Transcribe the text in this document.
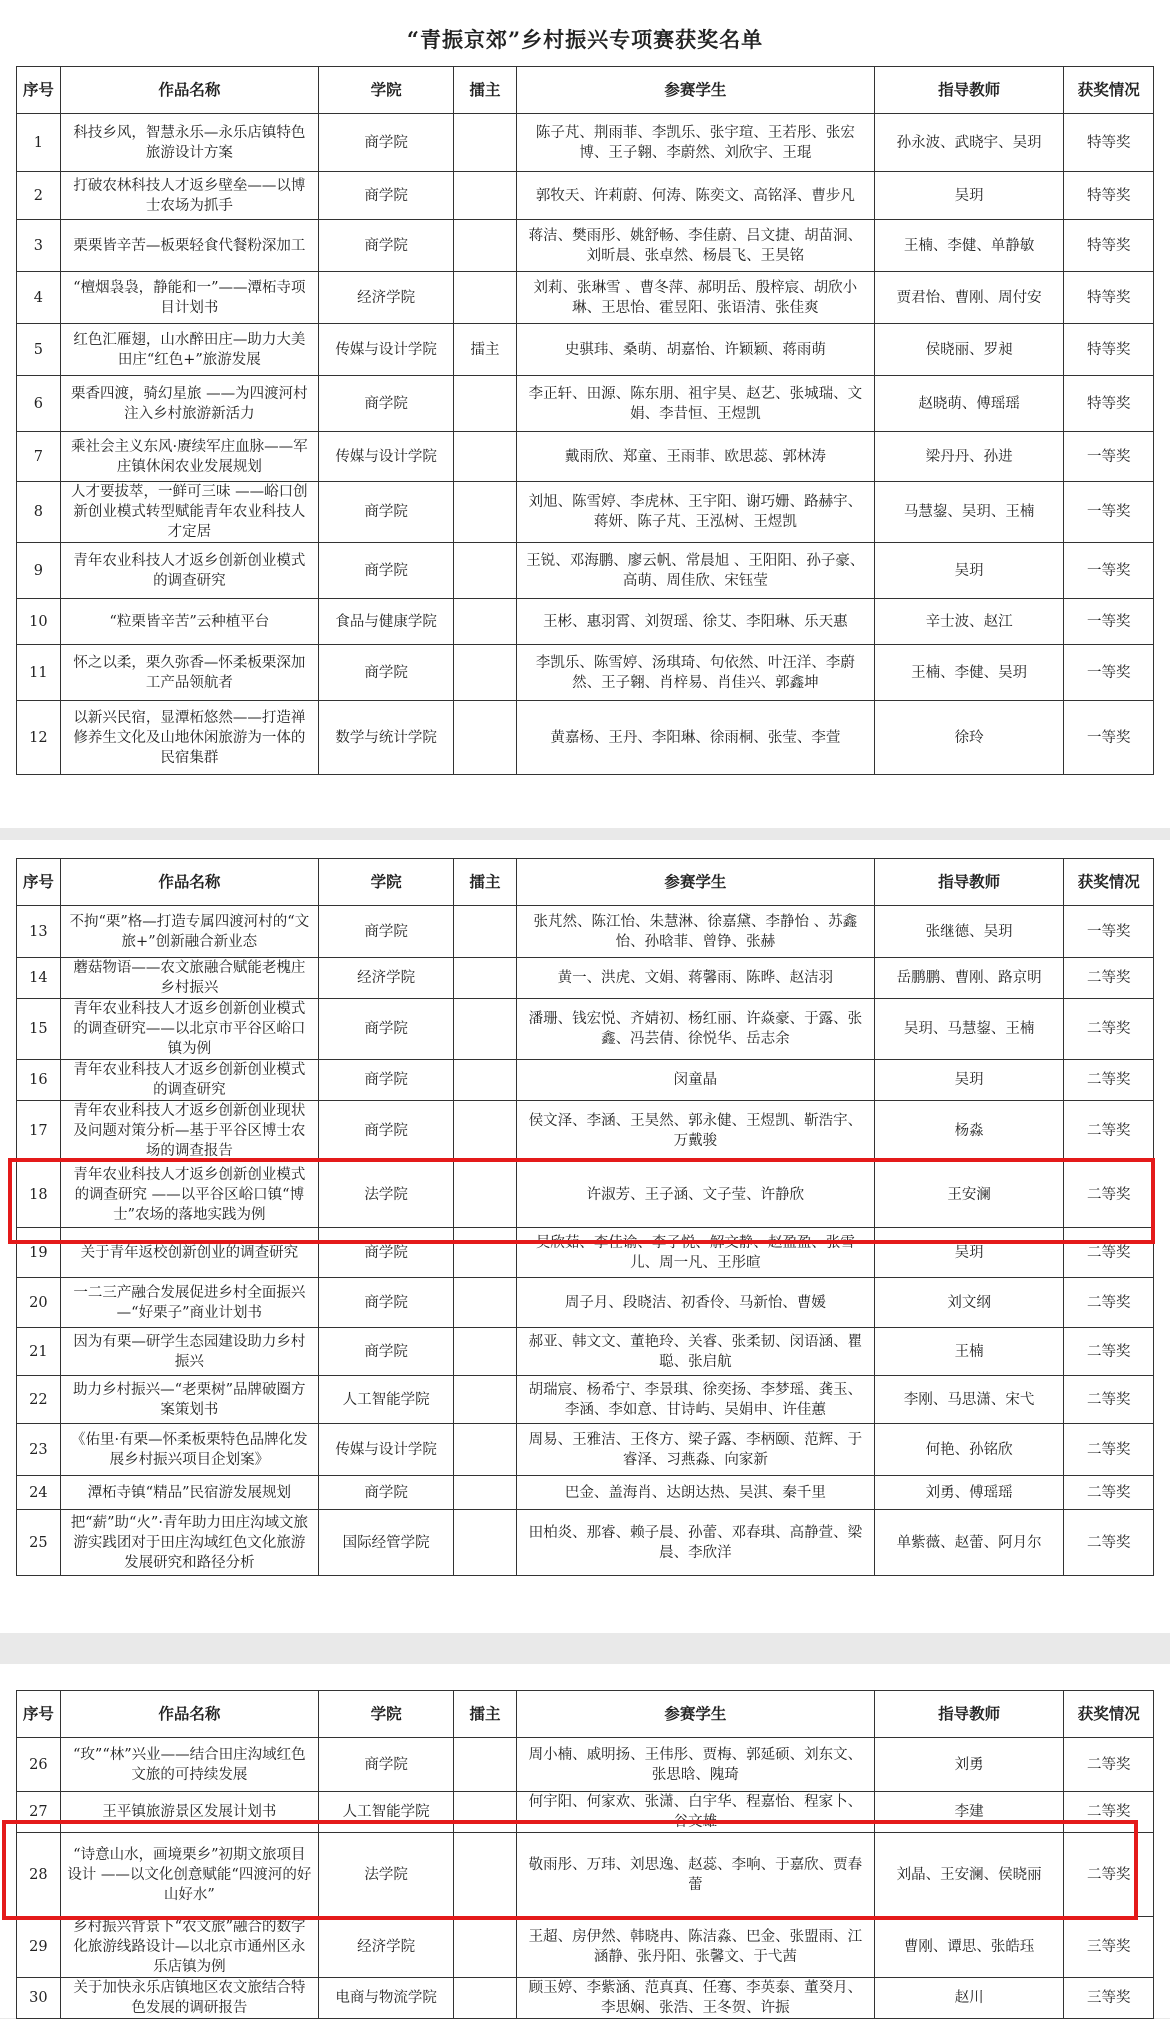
“青振京郊”乡村振兴专项赛获奖名单
序号	作品名称	学院	擂主	参赛学生	指导教师	获奖情况
1	科技乡风，智慧永乐—永乐店镇特色旅游设计方案	商学院		陈子芃、荆雨菲、李凯乐、张宇瑄、王若彤、张宏博、王子翱、李蔚然、刘欣宇、王琨	孙永波、武晓宇、吴玥	特等奖
2	打破农林科技人才返乡壁垒——以博士农场为抓手	商学院		郭牧天、许莉蔚、何涛、陈奕文、高铭泽、曹步凡	吴玥	特等奖
3	栗栗皆辛苦—板栗轻食代餐粉深加工	商学院		蒋洁、樊雨彤、姚舒畅、李佳蔚、吕文捷、胡苗洞、刘昕晨、张卓然、杨晨飞、王昊铭	王楠、李健、单静敏	特等奖
4	“檀烟袅袅，静能和一”——潭柘寺项目计划书	经济学院		刘莉、张琳雪 、曹冬萍、郝明岳、殷梓宸、胡欣小琳、王思怡、霍昱阳、张语清、张佳爽	贾君怡、曹刚、周付安	特等奖
5	红色汇雁翅，山水醉田庄—助力大美田庄“红色+”旅游发展	传媒与设计学院	擂主	史骐玮、桑萌、胡嘉怡、许颖颖、蒋雨萌	侯晓丽、罗昶	特等奖
6	栗香四渡，骑幻星旅 ——为四渡河村注入乡村旅游新活力	商学院		李正轩、田源、陈东朋、祖宇昊、赵艺、张城瑞、文娟、李昔恒、王煜凯	赵晓萌、傅瑶瑶	特等奖
7	乘社会主义东风·赓续军庄血脉——军庄镇休闲农业发展规划	传媒与设计学院		戴雨欣、郑童、王雨菲、欧思蕊、郭林涛	梁丹丹、孙进	一等奖
8	人才要拔萃，一鲜可三味 ——峪口创新创业模式转型赋能青年农业科技人才定居	商学院		刘旭、陈雪婷、李虎林、王宇阳、谢巧姗、路赫宇、蒋妍、陈子芃、王泓树、王煜凯	马慧鋆、吴玥、王楠	一等奖
9	青年农业科技人才返乡创新创业模式的调查研究	商学院		王锐、邓海鹏、廖云帆、常晨旭 、王阳阳、孙子豪、高萌、周佳欣、宋钰莹	吴玥	一等奖
10	“粒栗皆辛苦”云种植平台	食品与健康学院		王彬、惠羽霄、刘贺瑶、徐艾、李阳琳、乐天惠	辛士波、赵江	一等奖
11	怀之以柔，栗久弥香—怀柔板栗深加工产品领航者	商学院		李凯乐、陈雪婷、汤琪琦、句依然、叶汪洋、李蔚然、王子翱、肖梓易、肖佳兴、郭鑫坤	王楠、李健、吴玥	一等奖
12	以新兴民宿，显潭柘悠然——打造禅修养生文化及山地休闲旅游为一体的民宿集群	数学与统计学院		黄嘉杨、王丹、李阳琳、徐雨桐、张莹、李萱	徐玲	一等奖
序号	作品名称	学院	擂主	参赛学生	指导教师	获奖情况
13	不拘“栗”格—打造专属四渡河村的“文旅+”创新融合新业态	商学院		张芃然、陈江怡、朱慧淋、徐嘉黛、李静怡 、苏鑫怡、孙晗菲、曾铮、张赫	张继德、吴玥	一等奖
14	蘑菇物语——农文旅融合赋能老槐庄乡村振兴	经济学院		黄一、洪虎、文娟、蒋馨雨、陈晔、赵洁羽	岳鹏鹏、曹刚、路京明	二等奖
15	青年农业科技人才返乡创新创业模式的调查研究——以北京市平谷区峪口镇为例	商学院		潘珊、钱宏悦、齐婧初、杨红丽、许焱豪、于露、张鑫、冯芸倩、徐悦华、岳志余	吴玥、马慧鋆、王楠	二等奖
16	青年农业科技人才返乡创新创业模式的调查研究	商学院		闵童晶	吴玥	二等奖
17	青年农业科技人才返乡创新创业现状及问题对策分析—基于平谷区博士农场的调查报告	商学院		侯文泽、李涵、王昊然、郭永健、王煜凯、靳浩宇、万戴骏	杨淼	二等奖
18	青年农业科技人才返乡创新创业模式的调查研究 ——以平谷区峪口镇“博士”农场的落地实践为例	法学院		许淑芳、王子涵、文子莹、许静欣	王安澜	二等奖
19	关于青年返校创新创业的调查研究	商学院		吴欣茹、李佳谕、李子悦、解文静、赵盈盈、张雪儿、周一凡、王彤暄	吴玥	二等奖
20	一二三产融合发展促进乡村全面振兴—“好栗子”商业计划书	商学院		周子月、段晓洁、初香伶、马新怡、曹媛	刘文纲	二等奖
21	因为有栗—研学生态园建设助力乡村振兴	商学院		郝亚、韩文文、董艳玲、关睿、张柔韧、闵语涵、瞿聪、张启航	王楠	二等奖
22	助力乡村振兴—“老栗树”品牌破圈方案策划书	人工智能学院		胡瑞宸、杨希宁、李景琪、徐奕扬、李梦瑶、龚玉、李涵、李如意、甘诗屿、吴娟申、许佳蕙	李刚、马思潇、宋弋	二等奖
23	《佑里·有栗—怀柔板栗特色品牌化发展乡村振兴项目企划案》	传媒与设计学院		周易、王雅洁、王佟方、梁子露、李柄颐、范辉、于睿泽、习燕淼、向家新	何艳、孙铭欣	二等奖
24	潭柘寺镇“精品”民宿游发展规划	商学院		巴金、盖海肖、达朗达热、吴淇、秦千里	刘勇、傅瑶瑶	二等奖
25	把“薪”助“火”·青年助力田庄沟域文旅游实践团对于田庄沟域红色文化旅游发展研究和路径分析	国际经管学院		田柏炎、那睿、赖子晨、孙蕾、邓春琪、高静萱、梁晨、李欣洋	单紫薇、赵蕾、阿月尔	二等奖
序号	作品名称	学院	擂主	参赛学生	指导教师	获奖情况
26	“玫”“林”兴业——结合田庄沟域红色文旅的可持续发展	商学院		周小楠、戚明扬、王伟彤、贾梅、郭延硕、刘东文、张思晗、隗琦	刘勇	二等奖
27	王平镇旅游景区发展计划书	人工智能学院		何宇阳、何家欢、张潇、白宇华、程嘉怡、程家卜、谷文雄	李建	二等奖
28	“诗意山水，画境栗乡”初期文旅项目设计 ——以文化创意赋能“四渡河的好山好水”	法学院		敬雨彤、万玮、刘思逸、赵蕊、李响、于嘉欣、贾春蕾	刘晶、王安澜、侯晓丽	二等奖
29	乡村振兴背景下“农文旅”融合的数字化旅游线路设计—以北京市通州区永乐店镇为例	经济学院		王超、房伊然、韩晓冉、陈洁淼、巴金、张盟雨、江涵静、张丹阳、张馨文、于弋茜	曹刚、谭思、张皓珏	三等奖
30	关于加快永乐店镇地区农文旅结合特色发展的调研报告	电商与物流学院		顾玉婷、李紫涵、范真真、任骞、李英泰、董癸月、李思娴、张浩、王冬贺、许振	赵川	三等奖
